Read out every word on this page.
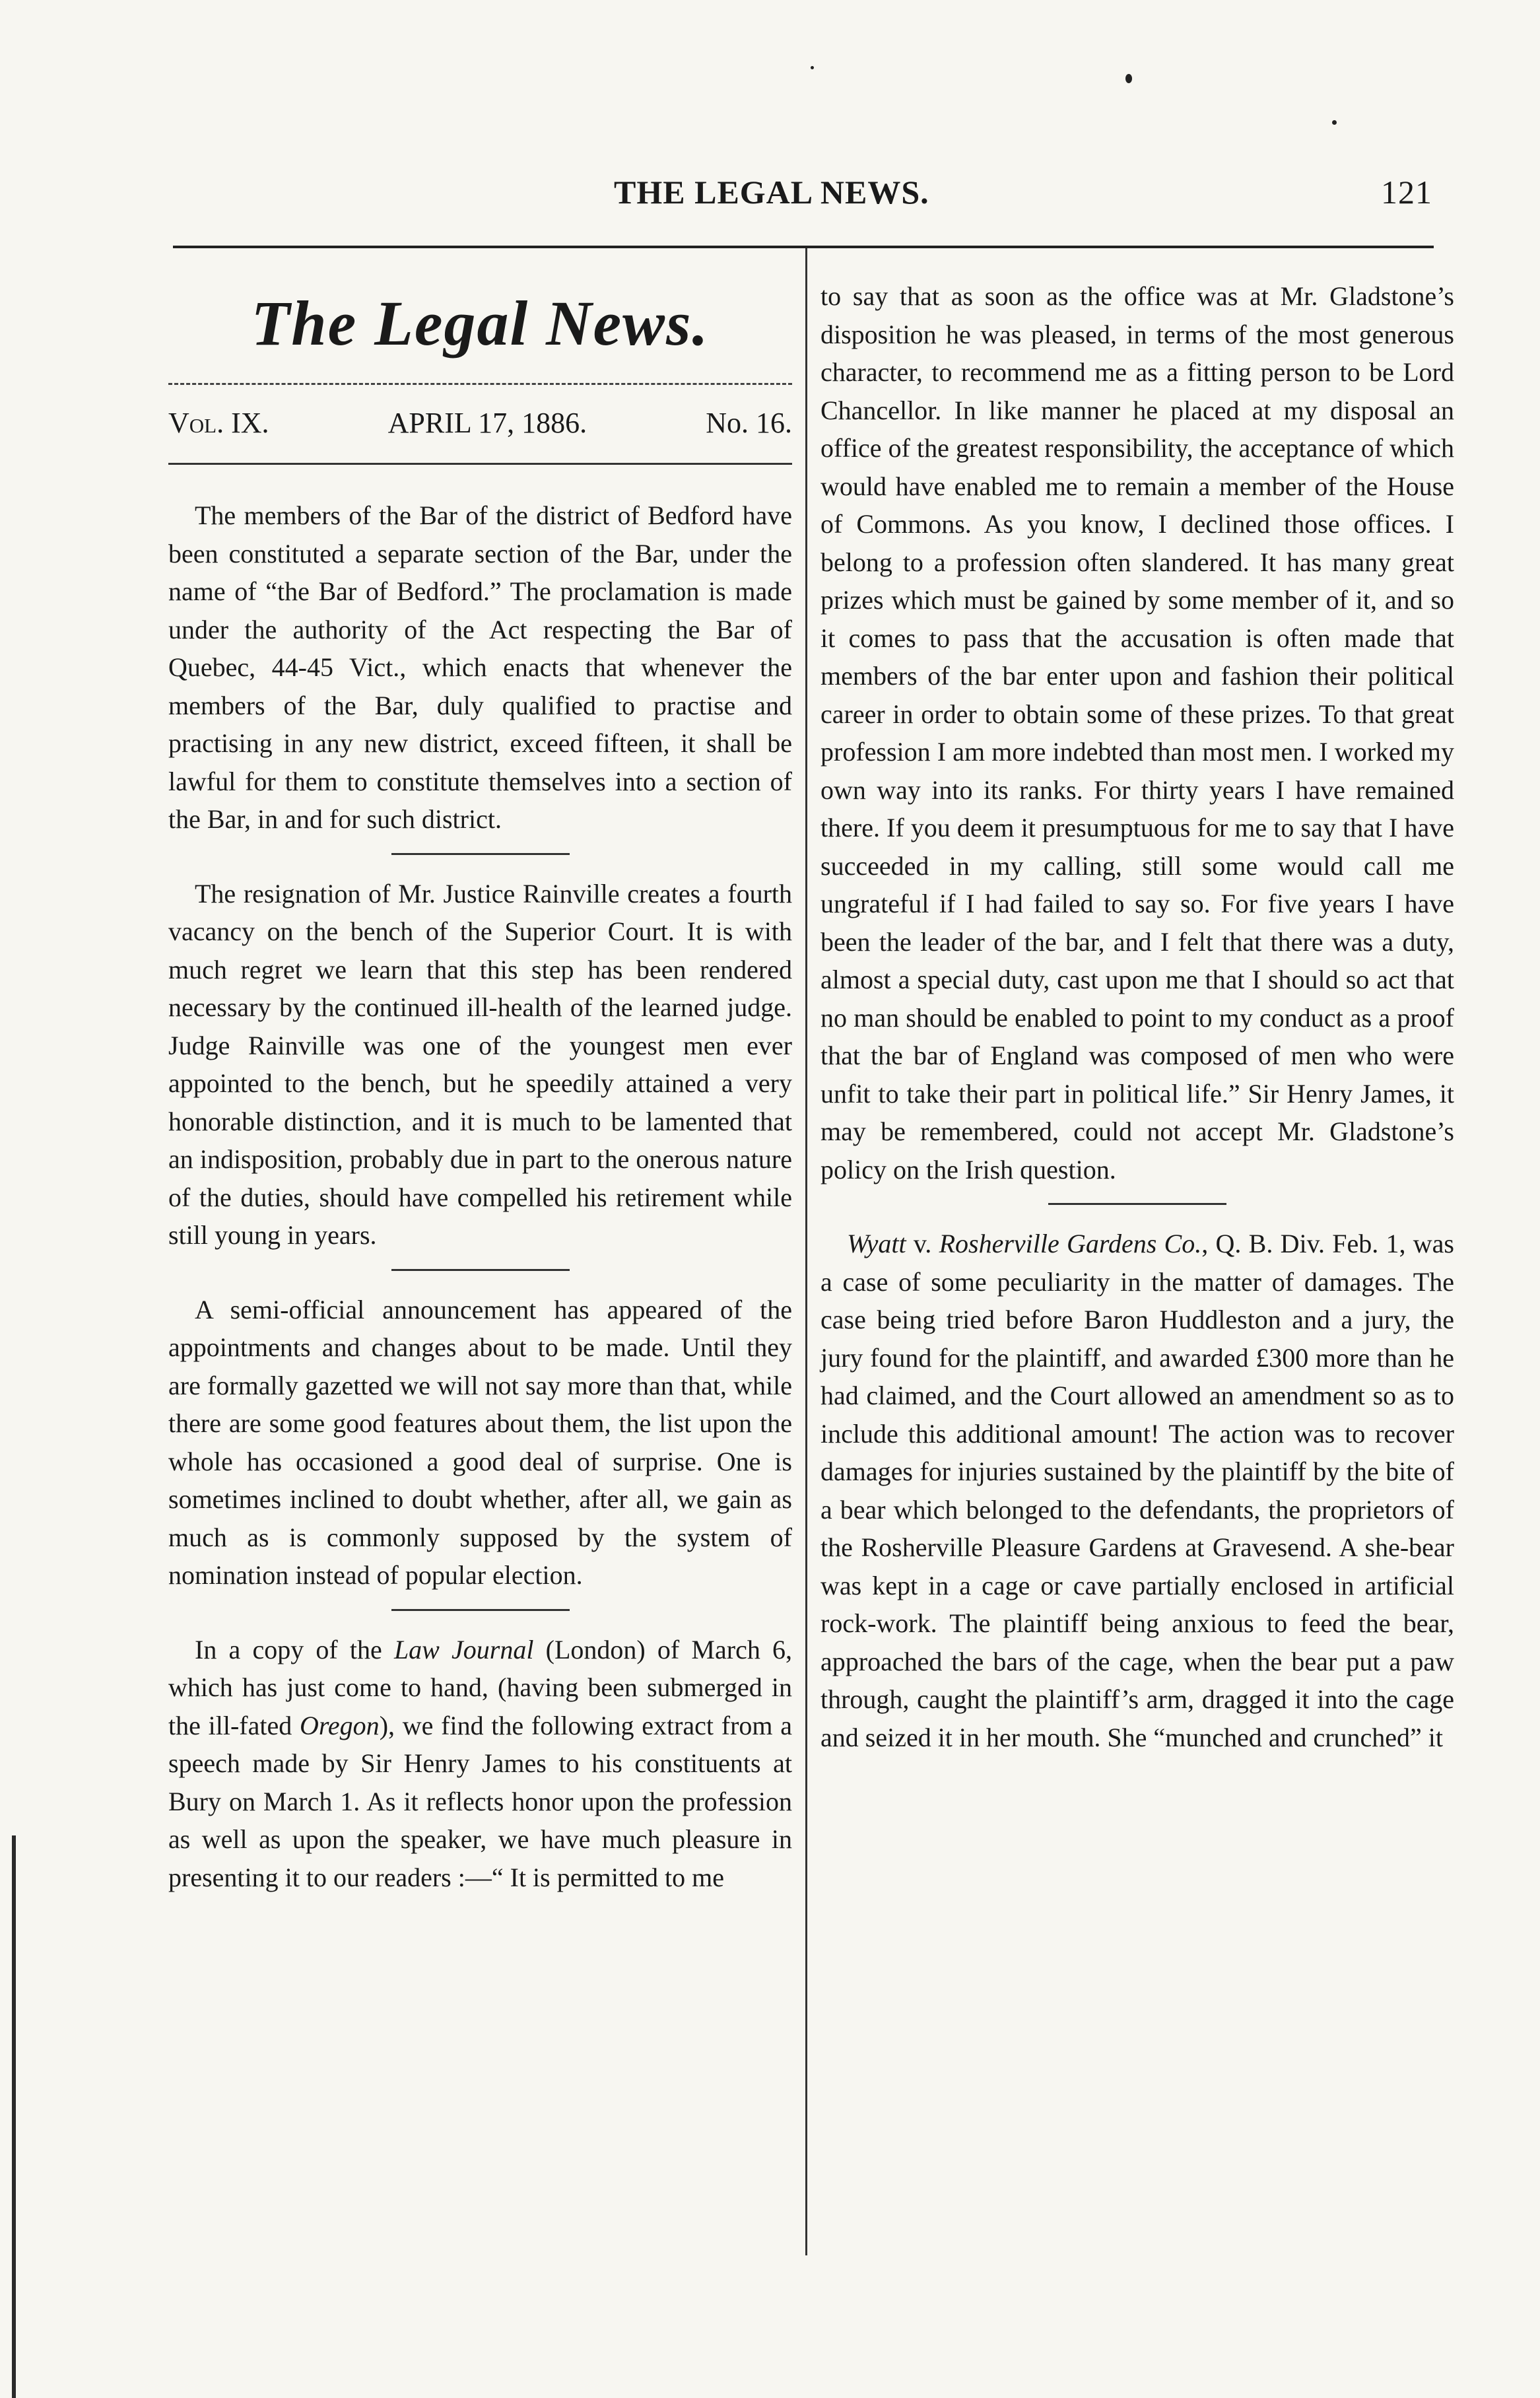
THE LEGAL NEWS.	121
The Legal News.
Vol. IX.	APRIL 17, 1886.	No. 16.

The members of the Bar of the district of Bedford have been constituted a separate section of the Bar, under the name of “the Bar of Bedford.” The proclamation is made under the authority of the Act respecting the Bar of Quebec, 44-45 Vict., which enacts that whenever the members of the Bar, duly qualified to practise and practising in any new district, exceed fifteen, it shall be lawful for them to constitute themselves into a section of the Bar, in and for such district.

The resignation of Mr. Justice Rainville creates a fourth vacancy on the bench of the Superior Court. It is with much regret we learn that this step has been rendered necessary by the continued ill-health of the learned judge. Judge Rainville was one of the youngest men ever appointed to the bench, but he speedily attained a very honorable distinction, and it is much to be lamented that an indisposition, probably due in part to the onerous nature of the duties, should have compelled his retirement while still young in years.

A semi-official announcement has appeared of the appointments and changes about to be made. Until they are formally gazetted we will not say more than that, while there are some good features about them, the list upon the whole has occasioned a good deal of surprise. One is sometimes inclined to doubt whether, after all, we gain as much as is commonly supposed by the system of nomination instead of popular election.

In a copy of the Law Journal (London) of March 6, which has just come to hand, (having been submerged in the ill-fated Oregon), we find the following extract from a speech made by Sir Henry James to his constituents at Bury on March 1. As it reflects honor upon the profession as well as upon the speaker, we have much pleasure in presenting it to our readers :—“ It is permitted to me

to say that as soon as the office was at Mr. Gladstone’s disposition he was pleased, in terms of the most generous character, to recommend me as a fitting person to be Lord Chancellor. In like manner he placed at my disposal an office of the greatest responsibility, the acceptance of which would have enabled me to remain a member of the House of Commons. As you know, I declined those offices. I belong to a profession often slandered. It has many great prizes which must be gained by some member of it, and so it comes to pass that the accusation is often made that members of the bar enter upon and fashion their political career in order to obtain some of these prizes. To that great profession I am more indebted than most men. I worked my own way into its ranks. For thirty years I have remained there. If you deem it presumptuous for me to say that I have succeeded in my calling, still some would call me ungrateful if I had failed to say so. For five years I have been the leader of the bar, and I felt that there was a duty, almost a special duty, cast upon me that I should so act that no man should be enabled to point to my conduct as a proof that the bar of England was composed of men who were unfit to take their part in political life.” Sir Henry James, it may be remembered, could not accept Mr. Gladstone’s policy on the Irish question.

Wyatt v. Rosherville Gardens Co., Q. B. Div. Feb. 1, was a case of some peculiarity in the matter of damages. The case being tried before Baron Huddleston and a jury, the jury found for the plaintiff, and awarded £300 more than he had claimed, and the Court allowed an amendment so as to include this additional amount! The action was to recover damages for injuries sustained by the plaintiff by the bite of a bear which belonged to the defendants, the proprietors of the Rosherville Pleasure Gardens at Gravesend. A she-bear was kept in a cage or cave partially enclosed in artificial rock-work. The plaintiff being anxious to feed the bear, approached the bars of the cage, when the bear put a paw through, caught the plaintiff’s arm, dragged it into the cage and seized it in her mouth. She “munched and crunched” it
